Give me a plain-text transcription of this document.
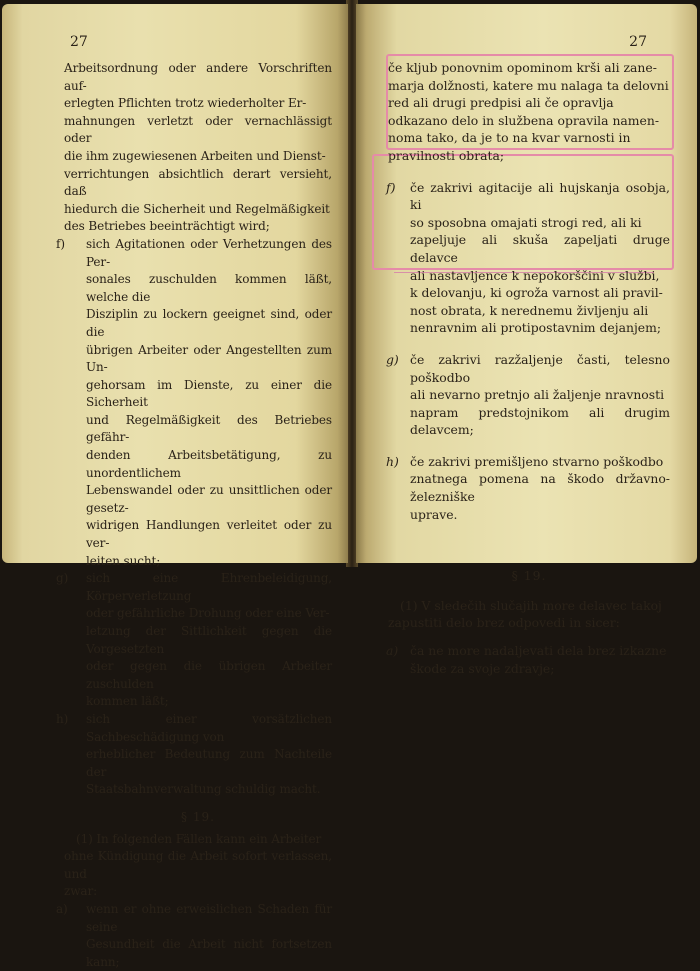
27
Arbeitsordnung oder andere Vorschriften auf-
erlegten Pflichten trotz wiederholter Er-
mahnungen verletzt oder vernachlässigt oder
die ihm zugewiesenen Arbeiten und Dienst-
verrichtungen absichtlich derart versieht, daß
hiedurch die Sicherheit und Regelmäßigkeit
des Betriebes beeinträchtigt wird;
f) sich Agitationen oder Verhetzungen des Per-
sonales zuschulden kommen läßt, welche die
Disziplin zu lockern geeignet sind, oder die
übrigen Arbeiter oder Angestellten zum Un-
gehorsam im Dienste, zu einer die Sicherheit
und Regelmäßigkeit des Betriebes gefähr-
denden Arbeitsbetätigung, zu unordentlichem
Lebenswandel oder zu unsittlichen oder gesetz-
widrigen Handlungen verleitet oder zu ver-
leiten sucht;
g) sich eine Ehrenbeleidigung, Körperverletzung
oder gefährliche Drohung oder eine Ver-
letzung der Sittlichkeit gegen die Vorgesetzten
oder gegen die übrigen Arbeiter zuschulden
kommen läßt;
h) sich einer vorsätzlichen Sachbeschädigung von
erheblicher Bedeutung zum Nachteile der
Staatsbahnverwaltung schuldig macht.
§ 19.
(1) In folgenden Fällen kann ein Arbeiter
ohne Kündigung die Arbeit sofort verlassen, und
zwar:
a) wenn er ohne erweislichen Schaden für seine
Gesundheit die Arbeit nicht fortsetzen kann;
27
če kljub ponovnim opominom krši ali zane-
marja dolžnosti, katere mu nalaga ta delovni
red ali drugi predpisi ali če opravlja
odkazano delo in službena opravila namen-
noma tako, da je to na kvar varnosti in
pravilnosti obrata;
f) če zakrivi agitacije ali hujskanja osobja, ki
so sposobna omajati strogi red, ali ki
zapeljuje ali skuša zapeljati druge delavce
ali nastavljence k nepokorščini v službi,
k delovanju, ki ogroža varnost ali pravil-
nost obrata, k nerednemu življenju ali
nenravnim ali protipostavnim dejanjem;
g) če zakrivi razžaljenje časti, telesno poškodbo
ali nevarno pretnjo ali žaljenje nravnosti
napram predstojnikom ali drugim delavcem;
h) če zakrivi premišljeno stvarno poškodbo
znatnega pomena na škodo državno-železniške
uprave.
§ 19.
(1) V sledečih slučajih more delavec takoj
zapustiti delo brez odpovedi in sicer:
a) ča ne more nadaljevati dela brez izkazne
škode za svoje zdravje;
